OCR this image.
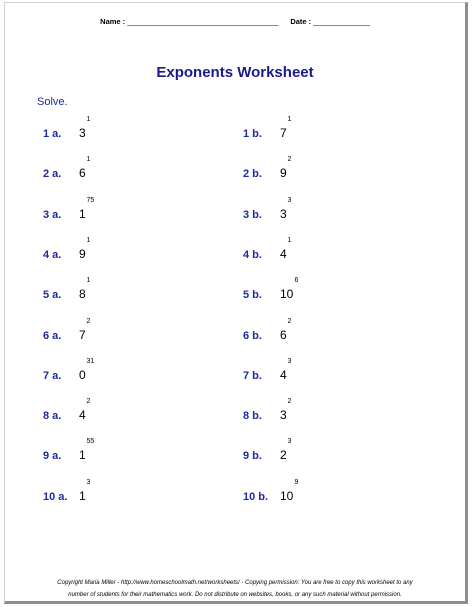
Name : ________________________________________ Date : _______________
Exponents Worksheet
Solve.
1 a. 3
1
2 a. 6
1
3 a. 1
75
4 a. 9
1
5 a. 8
1
6 a. 7
2
7 a. 0
31
8 a. 4
2
9 a. 1
55
10 a. 1
3
1 b. 7
1
2 b. 9
2
3 b. 3
3
4 b. 4
1
5 b. 10
6
6 b. 6
2
7 b. 4
3
8 b. 3
2
9 b. 2
3
10 b. 10
9
Copyright Maria Miller - http://www.homeschoolmath.net/worksheets/ - Copying permission: You are free to copy this worksheet to any
number of students for their mathematics work. Do not distribute on websites, books, or any such material without permission.
